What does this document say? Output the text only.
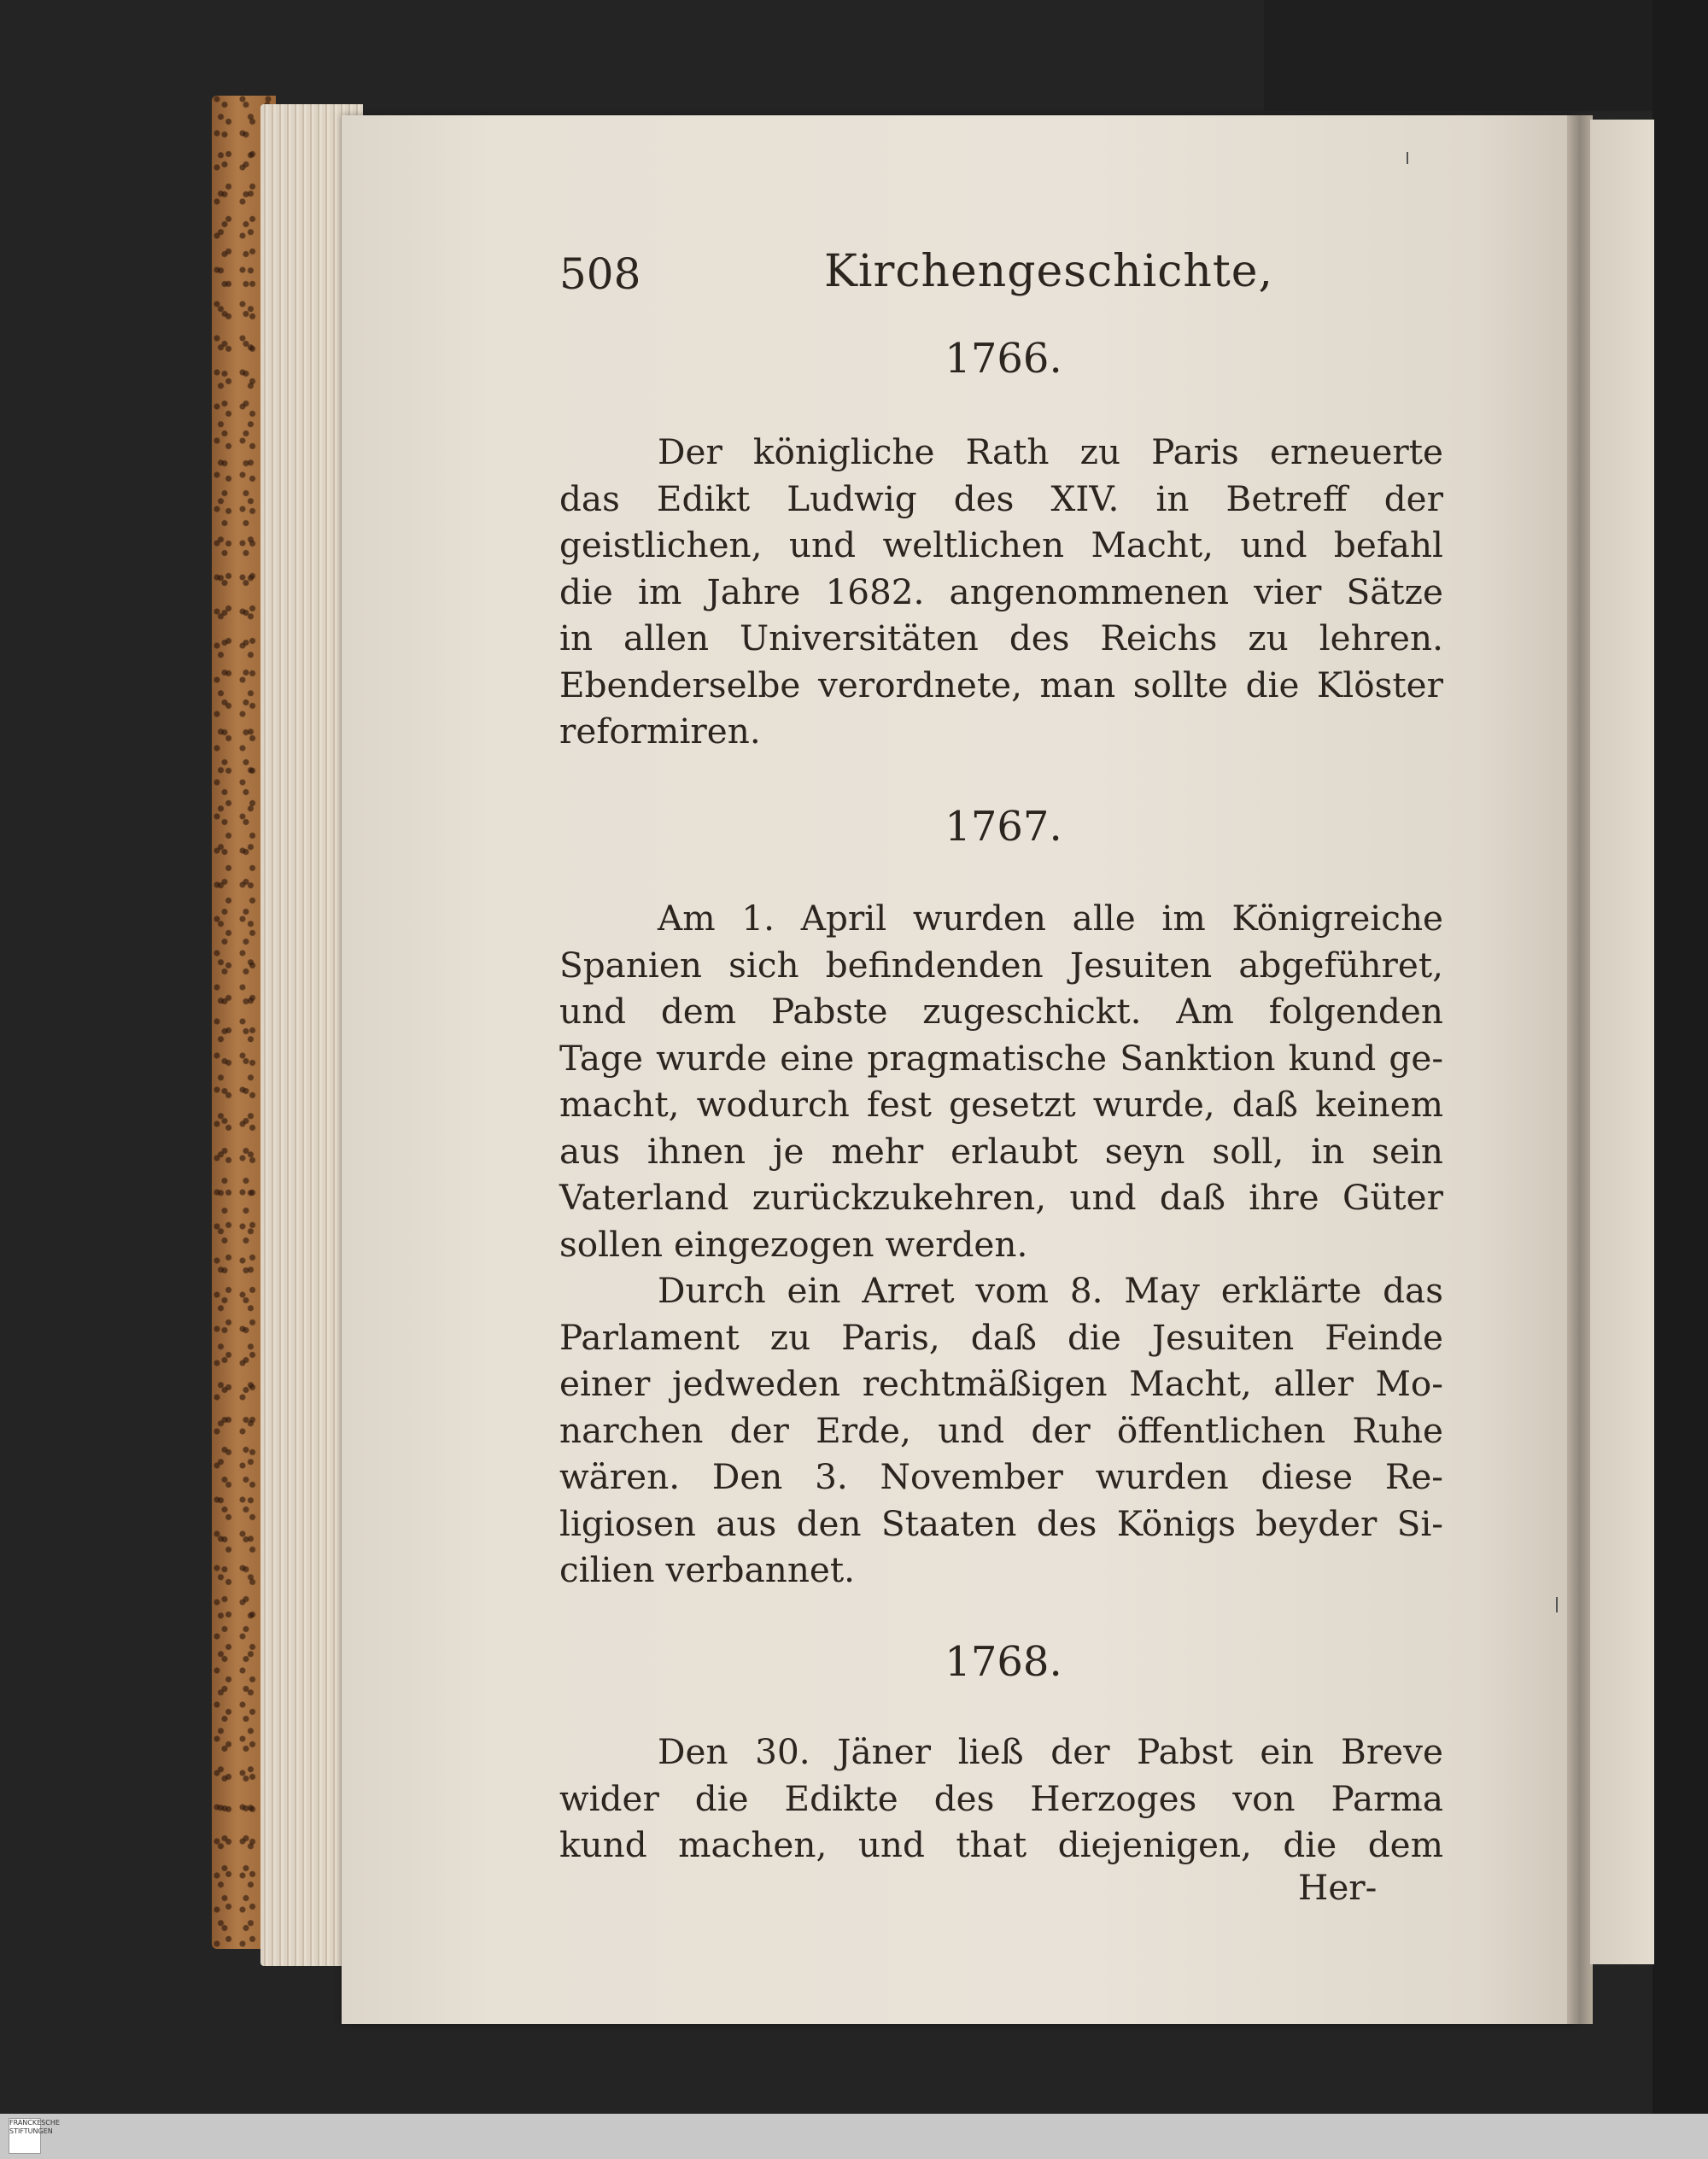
508	Kirchengeschichte,
1766.
Der königliche Rath zu Paris erneuerte
das Edikt Ludwig des XIV. in Betreff der
geistlichen, und weltlichen Macht, und befahl
die im Jahre 1682. angenommenen vier Sätze
in allen Universitäten des Reichs zu lehren.
Ebenderselbe verordnete, man sollte die Klöster
reformiren.
1767.
Am 1. April wurden alle im Königreiche
Spanien sich befindenden Jesuiten abgeführet,
und dem Pabste zugeschickt. Am folgenden
Tage wurde eine pragmatische Sanktion kund ge-
macht, wodurch fest gesetzt wurde, daß keinem
aus ihnen je mehr erlaubt seyn soll, in sein
Vaterland zurückzukehren, und daß ihre Güter
sollen eingezogen werden.
Durch ein Arret vom 8. May erklärte das
Parlament zu Paris, daß die Jesuiten Feinde
einer jedweden rechtmäßigen Macht, aller Mo-
narchen der Erde, und der öffentlichen Ruhe
wären. Den 3. November wurden diese Re-
ligiosen aus den Staaten des Königs beyder Si-
cilien verbannet.
1768.
Den 30. Jäner ließ der Pabst ein Breve
wider die Edikte des Herzoges von Parma
kund machen, und that diejenigen, die dem
Her-
FRANCKESCHE STIFTUNGEN
